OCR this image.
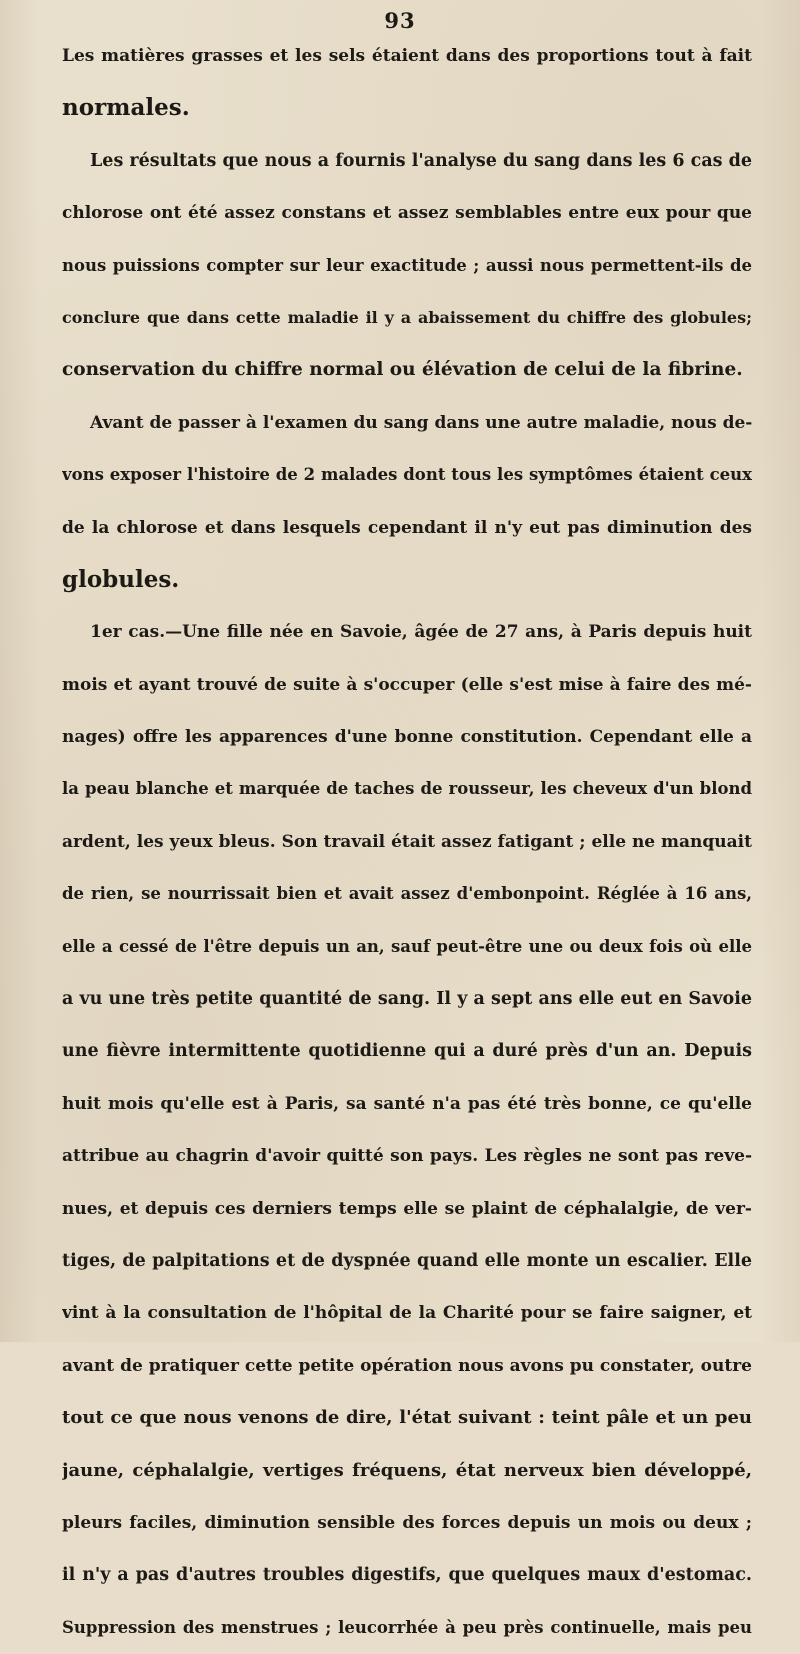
93
Les matières grasses et les sels étaient dans des proportions tout à fait
normales.
Les résultats que nous a fournis l'analyse du sang dans les 6 cas de
chlorose ont été assez constans et assez semblables entre eux pour que
nous puissions compter sur leur exactitude ; aussi nous permettent-ils de
conclure que dans cette maladie il y a abaissement du chiffre des globules;
conservation du chiffre normal ou élévation de celui de la fibrine.
Avant de passer à l'examen du sang dans une autre maladie, nous de-
vons exposer l'histoire de 2 malades dont tous les symptômes étaient ceux
de la chlorose et dans lesquels cependant il n'y eut pas diminution des
globules.
1er cas.—Une fille née en Savoie, âgée de 27 ans, à Paris depuis huit
mois et ayant trouvé de suite à s'occuper (elle s'est mise à faire des mé-
nages) offre les apparences d'une bonne constitution. Cependant elle a
la peau blanche et marquée de taches de rousseur, les cheveux d'un blond
ardent, les yeux bleus. Son travail était assez fatigant ; elle ne manquait
de rien, se nourrissait bien et avait assez d'embonpoint. Réglée à 16 ans,
elle a cessé de l'être depuis un an, sauf peut-être une ou deux fois où elle
a vu une très petite quantité de sang. Il y a sept ans elle eut en Savoie
une fièvre intermittente quotidienne qui a duré près d'un an. Depuis
huit mois qu'elle est à Paris, sa santé n'a pas été très bonne, ce qu'elle
attribue au chagrin d'avoir quitté son pays. Les règles ne sont pas reve-
nues, et depuis ces derniers temps elle se plaint de céphalalgie, de ver-
tiges, de palpitations et de dyspnée quand elle monte un escalier. Elle
vint à la consultation de l'hôpital de la Charité pour se faire saigner, et
avant de pratiquer cette petite opération nous avons pu constater, outre
tout ce que nous venons de dire, l'état suivant : teint pâle et un peu
jaune, céphalalgie, vertiges fréquens, état nerveux bien développé,
pleurs faciles, diminution sensible des forces depuis un mois ou deux ;
il n'y a pas d'autres troubles digestifs, que quelques maux d'estomac.
Suppression des menstrues ; leucorrhée à peu près continuelle, mais peu
